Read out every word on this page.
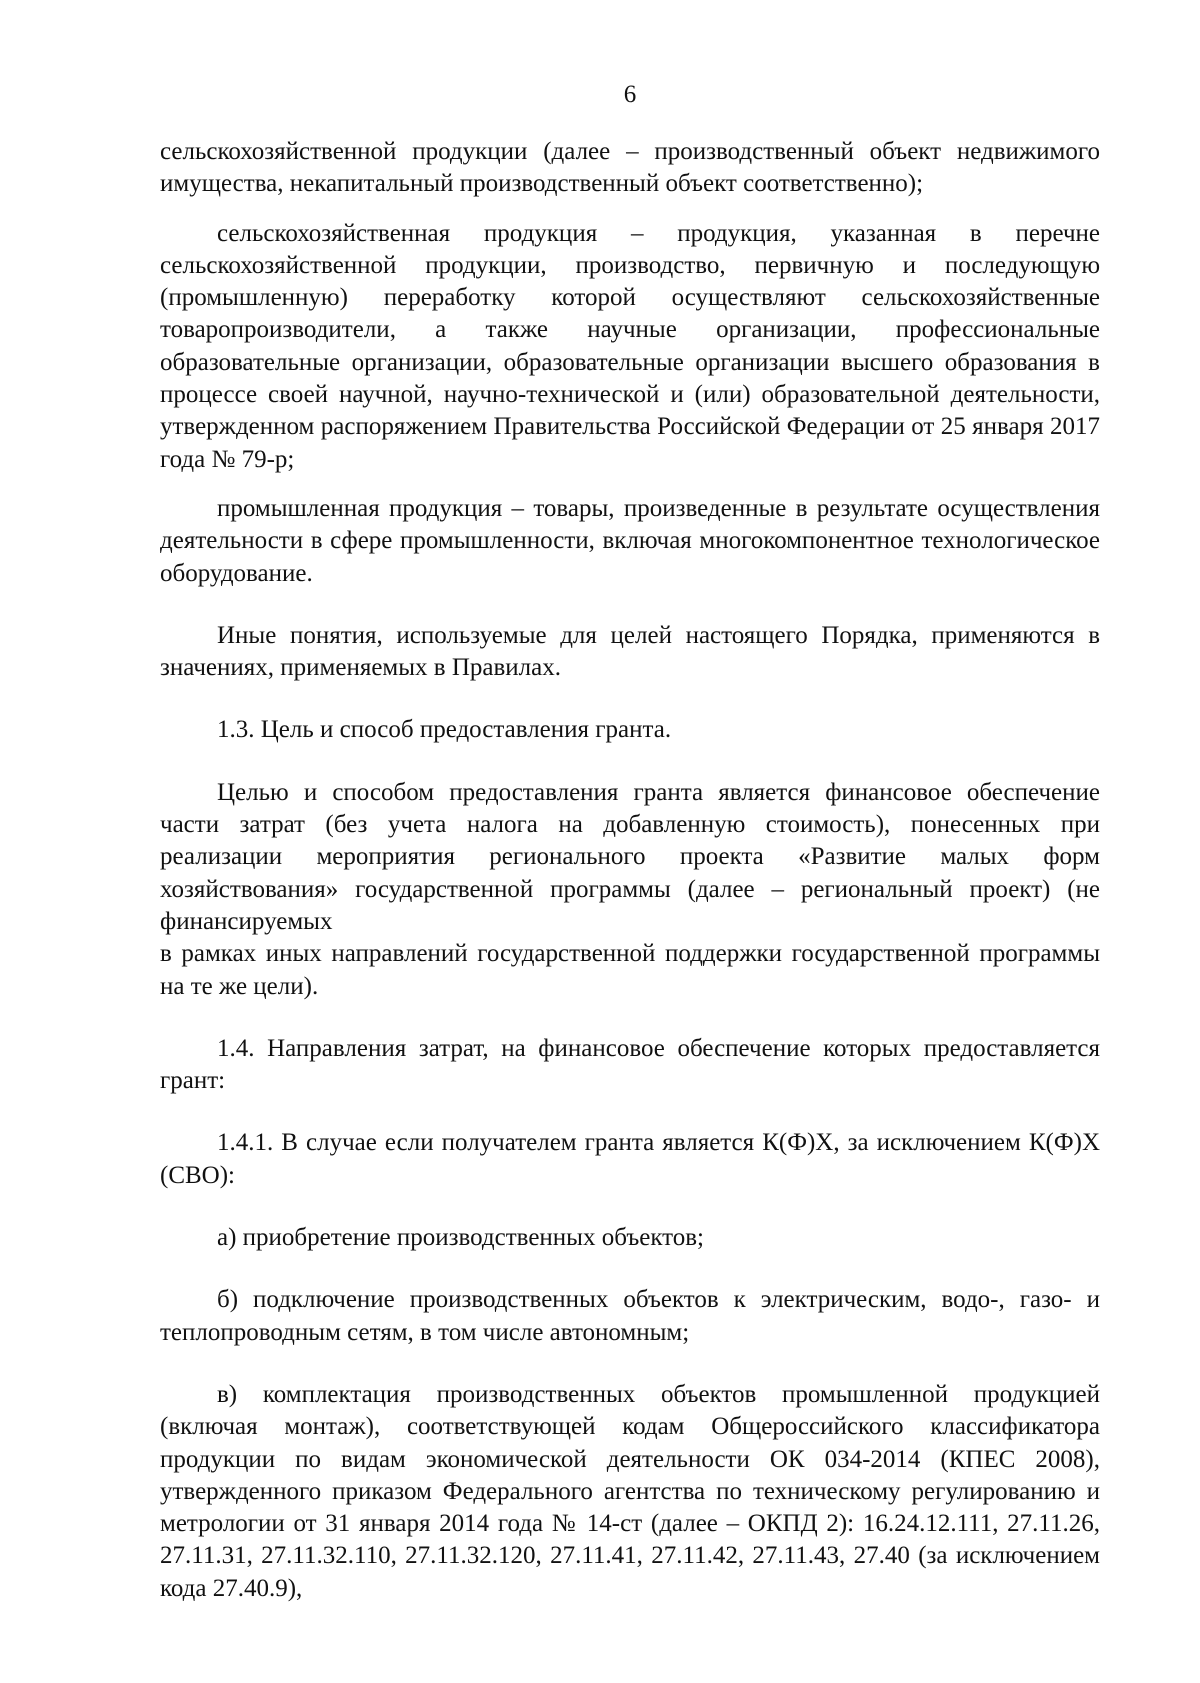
6

сельскохозяйственной продукции (далее – производственный объект недвижимого имущества, некапитальный производственный объект соответственно);

сельскохозяйственная продукция – продукция, указанная в перечне сельскохозяйственной продукции, производство, первичную и последующую (промышленную) переработку которой осуществляют сельскохозяйственные товаропроизводители, а также научные организации, профессиональные образовательные организации, образовательные организации высшего образования в процессе своей научной, научно-технической и (или) образовательной деятельности, утвержденном распоряжением Правительства Российской Федерации от 25 января 2017 года № 79-р;

промышленная продукция – товары, произведенные в результате осуществления деятельности в сфере промышленности, включая многокомпонентное технологическое оборудование.

Иные понятия, используемые для целей настоящего Порядка, применяются в значениях, применяемых в Правилах.

1.3. Цель и способ предоставления гранта.

Целью и способом предоставления гранта является финансовое обеспечение части затрат (без учета налога на добавленную стоимость), понесенных при реализации мероприятия регионального проекта «Развитие малых форм хозяйствования» государственной программы (далее – региональный проект) (не финансируемых

в рамках иных направлений государственной поддержки государственной программы на те же цели).

1.4. Направления затрат, на финансовое обеспечение которых предоставляется грант:

1.4.1. В случае если получателем гранта является К(Ф)Х, за исключением К(Ф)Х (СВО):

а) приобретение производственных объектов;

б) подключение производственных объектов к электрическим, водо-, газо- и теплопроводным сетям, в том числе автономным;

в) комплектация производственных объектов промышленной продукцией (включая монтаж), соответствующей кодам Общероссийского классификатора продукции по видам экономической деятельности ОК 034-2014 (КПЕС 2008), утвержденного приказом Федерального агентства по техническому регулированию и метрологии от 31 января 2014 года № 14-ст (далее – ОКПД 2): 16.24.12.111, 27.11.26, 27.11.31, 27.11.32.110, 27.11.32.120, 27.11.41, 27.11.42, 27.11.43, 27.40 (за исключением кода 27.40.9),
